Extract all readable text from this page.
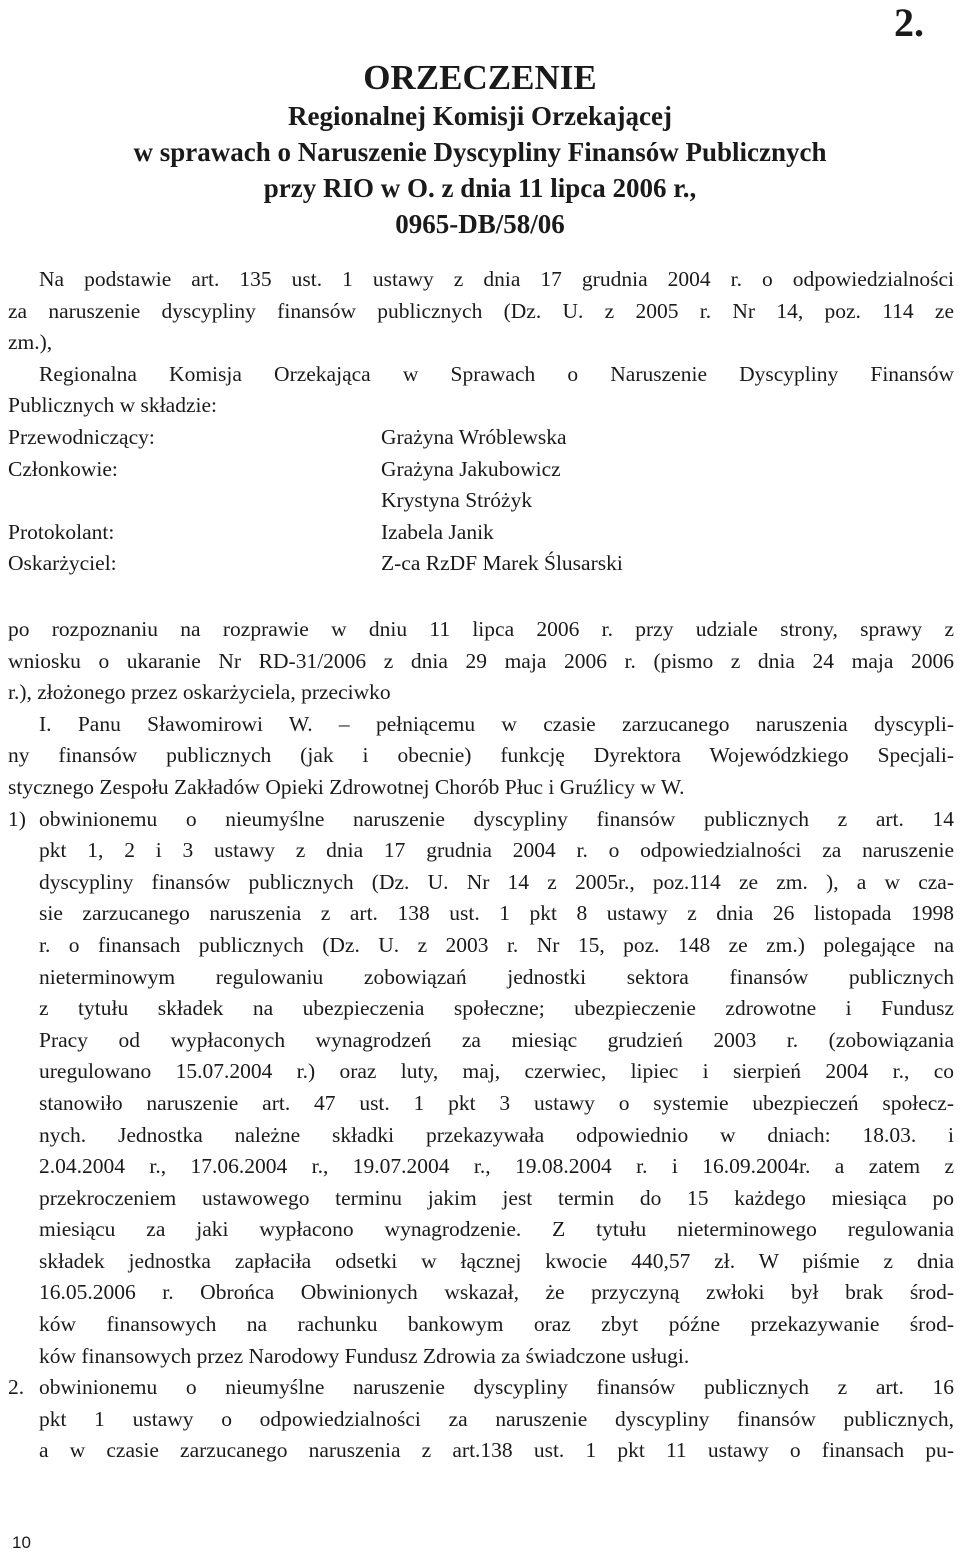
2.
ORZECZENIE
Regionalnej Komisji Orzekającej
w sprawach o Naruszenie Dyscypliny Finansów Publicznych
przy RIO w O. z dnia 11 lipca 2006 r.,
0965-DB/58/06

Na podstawie art. 135 ust. 1 ustawy z dnia 17 grudnia 2004 r. o odpowiedzialności

za naruszenie dyscypliny finansów publicznych (Dz. U. z 2005 r. Nr 14, poz. 114 ze

zm.),

Regionalna Komisja Orzekająca w Sprawach o Naruszenie Dyscypliny Finansów

Publicznych w składzie:

Przewodniczący:	Grażyna Wróblewska
Członkowie:	Grażyna Jakubowicz
Krystyna Stróżyk
Protokolant:	Izabela Janik
Oskarżyciel:	Z-ca RzDF Marek Ślusarski

po rozpoznaniu na rozprawie w dniu 11 lipca 2006 r. przy udziale strony, sprawy z

wniosku o ukaranie Nr RD-31/2006 z dnia 29 maja 2006 r. (pismo z dnia 24 maja 2006

r.), złożonego przez oskarżyciela, przeciwko

I. Panu Sławomirowi W. – pełniącemu w czasie zarzucanego naruszenia dyscypli-

ny finansów publicznych (jak i obecnie) funkcję Dyrektora Wojewódzkiego Specjali-

stycznego Zespołu Zakładów Opieki Zdrowotnej Chorób Płuc i Gruźlicy w W.

1) obwinionemu o nieumyślne naruszenie dyscypliny finansów publicznych z art. 14

pkt 1, 2 i 3 ustawy z dnia 17 grudnia 2004 r. o odpowiedzialności za naruszenie

dyscypliny finansów publicznych (Dz. U. Nr 14 z 2005r., poz.114 ze zm. ), a w cza-

sie zarzucanego naruszenia z art. 138 ust. 1 pkt 8 ustawy z dnia 26 listopada 1998

r. o finansach publicznych (Dz. U. z 2003 r. Nr 15, poz. 148 ze zm.) polegające na

nieterminowym regulowaniu zobowiązań jednostki sektora finansów publicznych

z tytułu składek na ubezpieczenia społeczne; ubezpieczenie zdrowotne i Fundusz

Pracy od wypłaconych wynagrodzeń za miesiąc grudzień 2003 r. (zobowiązania

uregulowano 15.07.2004 r.) oraz luty, maj, czerwiec, lipiec i sierpień 2004 r., co

stanowiło naruszenie art. 47 ust. 1 pkt 3 ustawy o systemie ubezpieczeń społecz-

nych. Jednostka należne składki przekazywała odpowiednio w dniach: 18.03. i

2.04.2004 r., 17.06.2004 r., 19.07.2004 r., 19.08.2004 r. i 16.09.2004r. a zatem z

przekroczeniem ustawowego terminu jakim jest termin do 15 każdego miesiąca po

miesiącu za jaki wypłacono wynagrodzenie. Z tytułu nieterminowego regulowania

składek jednostka zapłaciła odsetki w łącznej kwocie 440,57 zł. W piśmie z dnia

16.05.2006 r. Obrońca Obwinionych wskazał, że przyczyną zwłoki był brak środ-

ków finansowych na rachunku bankowym oraz zbyt późne przekazywanie środ-

ków finansowych przez Narodowy Fundusz Zdrowia za świadczone usługi.

2. obwinionemu o nieumyślne naruszenie dyscypliny finansów publicznych z art. 16

pkt 1 ustawy o odpowiedzialności za naruszenie dyscypliny finansów publicznych,

a w czasie zarzucanego naruszenia z art.138 ust. 1 pkt 11 ustawy o finansach pu-

10
